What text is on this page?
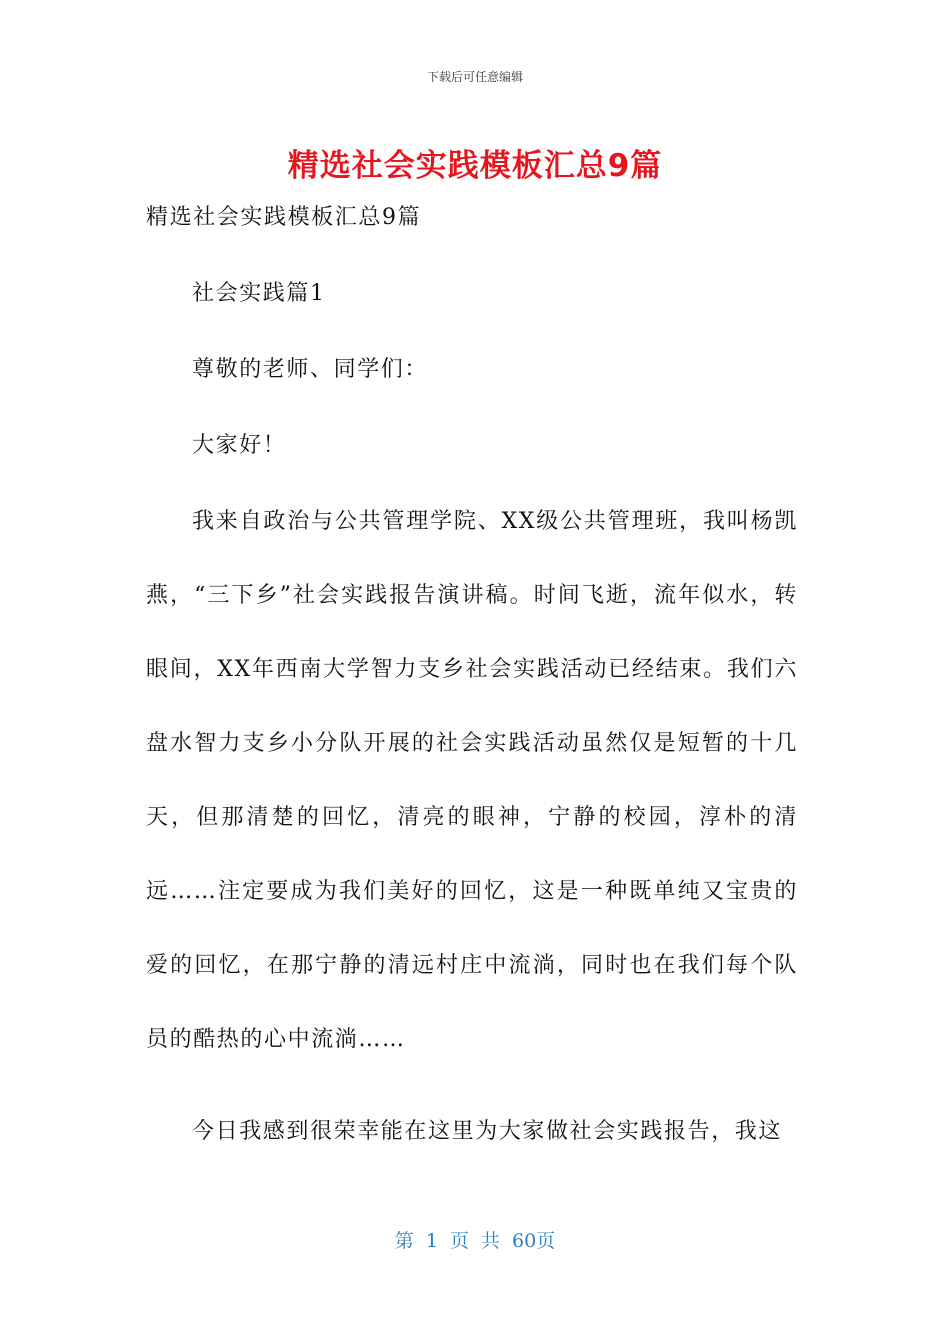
下载后可任意编辑
精选社会实践模板汇总9篇

精选社会实践模板汇总9篇

社会实践篇1

尊敬的老师、同学们：

大家好！

我来自政治与公共管理学院、XX级公共管理班，我叫杨凯燕，“三下乡”社会实践报告演讲稿。时间飞逝，流年似水，转眼间，XX年西南大学智力支乡社会实践活动已经结束。我们六盘水智力支乡小分队开展的社会实践活动虽然仅是短暂的十几天，但那清楚的回忆，清亮的眼神，宁静的校园，淳朴的清远……注定要成为我们美好的回忆，这是一种既单纯又宝贵的爱的回忆，在那宁静的清远村庄中流淌，同时也在我们每个队员的酷热的心中流淌……

今日我感到很荣幸能在这里为大家做社会实践报告，我这

第 1 页 共 60页
